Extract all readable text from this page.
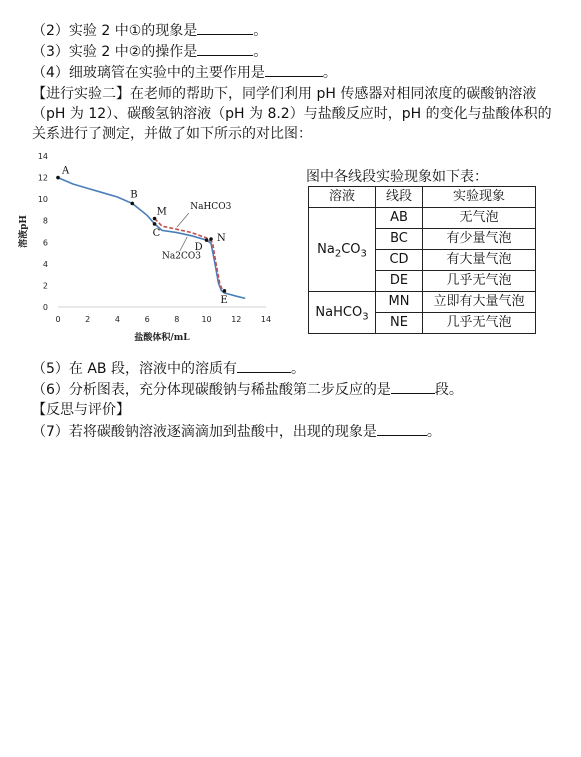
（2）实验 2 中①的现象是	。
（3）实验 2 中②的操作是	。
（4）细玻璃管在实验中的主要作用是	。
【进行实验二】在老师的帮助下，同学们利用 pH 传感器对相同浓度的碳酸钠溶液（pH 为 12）、碳酸氢钠溶液（pH 为 8.2）与盐酸反应时，pH 的变化与盐酸体积的关系进行了测定，并做了如下所示的对比图：
0	2	4	6	8	10 12 14
0
2
4
6
8
10
12
14
盐酸体积/mL
溶液pH
A
B
M
C
D
N
E
NaHCO3
Na2CO3
图中各线段实验现象如下表：
溶液	线段	实验现象
$Na_2CO_3$	AB	无气泡
	BC	有少量气泡
	CD	有大量气泡
	DE	几乎无气泡
NaHCO$_3$	MN	立即有大量气泡
	NE	几乎无气泡
（5）在 AB 段，溶液中的溶质有	。
（6）分析图表，充分体现碳酸钠与稀盐酸第二步反应的是	段。
【反思与评价】
（7）若将碳酸钠溶液逐滴滴加到盐酸中，出现的现象是	。
